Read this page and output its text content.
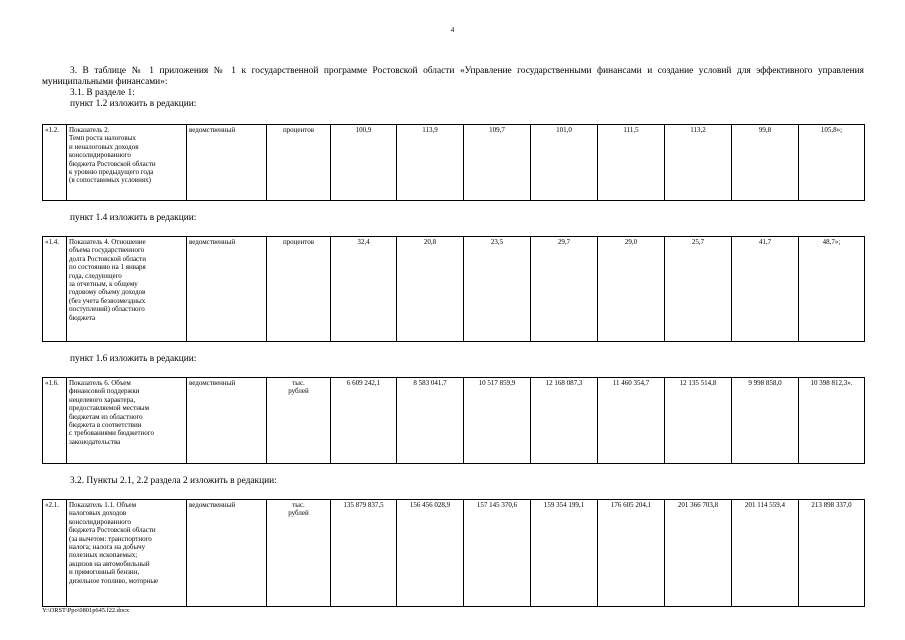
4
3. В таблице № 1 приложения № 1 к государственной программе Ростовской области «Управление государственными финансами и создание условий для эффективного управления муниципальными финансами»:
3.1. В разделе 1:
пункт 1.2 изложить в редакции:
«1.2.	Показатель 2.
Темп роста налоговых
и неналоговых доходов
консолидированного
бюджета Ростовской области
к уровню предыдущего года
(в сопоставимых условиях)	ведомственный	процентов	100,9	113,9	109,7	101,0	111,5	113,2	99,8	105,8»;
пункт 1.4 изложить в редакции:
«1.4.	Показатель 4. Отношение
объема государственного
долга Ростовской области
по состоянию на 1 января
года, следующего
за отчетным, к общему
годовому объему доходов
(без учета безвозмездных
поступлений) областного
бюджета	ведомственный	процентов	32,4	20,8	23,5	29,7	29,0	25,7	41,7	48,7»;
пункт 1.6 изложить в редакции:
«1.6.	Показатель 6. Объем
финансовой поддержки
нецелевого характера,
предоставляемой местным
бюджетам из областного
бюджета в соответствии
с требованиями бюджетного
законодательства	ведомственный	тыс.
рублей	6 609 242,1	8 583 041,7	10 517 859,9	12 168 087,3	11 460 354,7	12 135 514,8	9 998 858,0	10 398 812,3».
3.2. Пункты 2.1, 2.2 раздела 2 изложить в редакции:
«2.1.	Показатель 1.1. Объем
налоговых доходов
консолидированного
бюджета Ростовской области
(за вычетом: транспортного
налога; налога на добычу
полезных ископаемых;
акцизов на автомобильный
и прямогонный бензин,
дизельное топливо, моторные	ведомственный	тыс.
рублей	135 879 837,5	156 456 028,9	157 145 370,6	159 354 199,1	176 605 204,1	201 366 703,8	201 114 559,4	213 898 337,0
Y:\ORST\Ppo\0801p645.f22.docx
